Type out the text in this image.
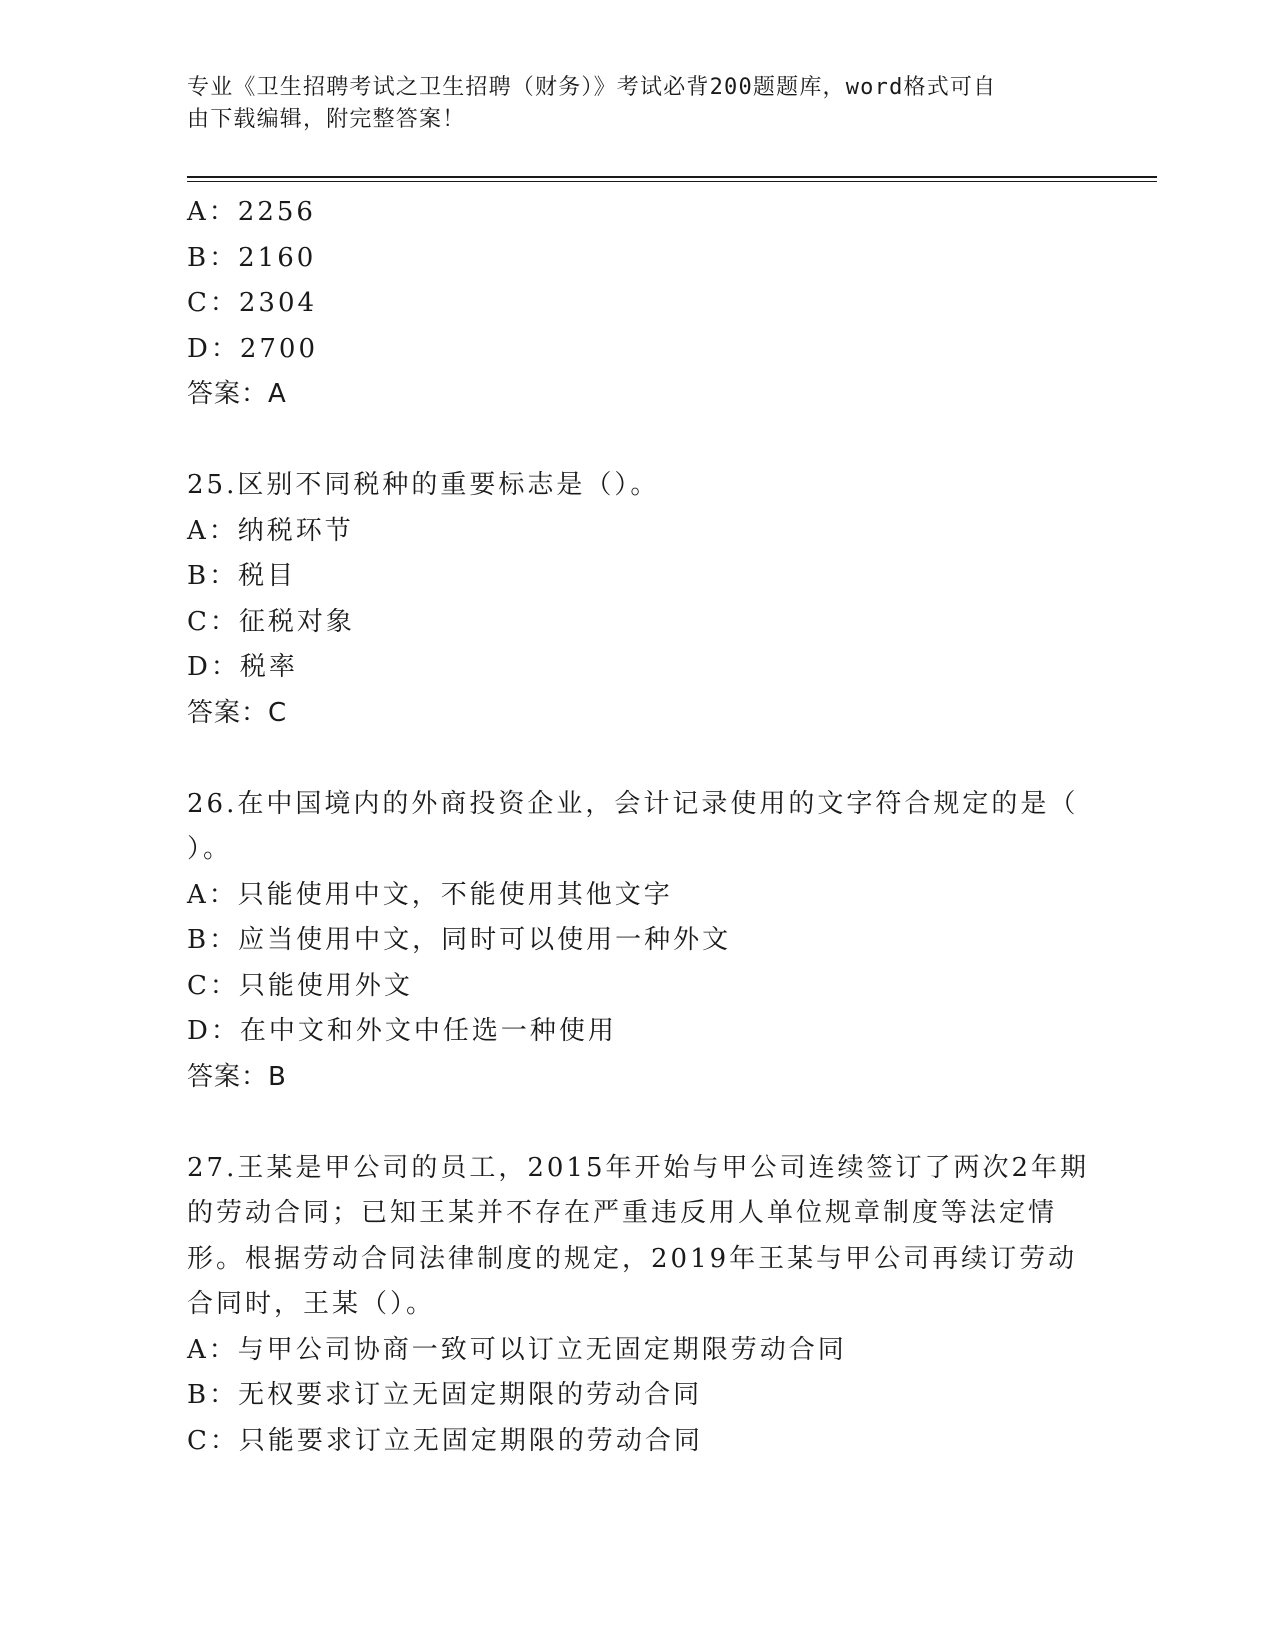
专业《卫生招聘考试之卫生招聘（财务）》考试必背200题题库，word格式可自
由下载编辑，附完整答案！
A：2256
B：2160
C：2304
D：2700
答案：A
25.区别不同税种的重要标志是（）。
A：纳税环节
B：税目
C：征税对象
D：税率
答案：C
26.在中国境内的外商投资企业，会计记录使用的文字符合规定的是（
）。
A：只能使用中文，不能使用其他文字
B：应当使用中文，同时可以使用一种外文
C：只能使用外文
D：在中文和外文中任选一种使用
答案：B
27.王某是甲公司的员工，2015年开始与甲公司连续签订了两次2年期
的劳动合同；已知王某并不存在严重违反用人单位规章制度等法定情
形。根据劳动合同法律制度的规定，2019年王某与甲公司再续订劳动
合同时，王某（）。
A：与甲公司协商一致可以订立无固定期限劳动合同
B：无权要求订立无固定期限的劳动合同
C：只能要求订立无固定期限的劳动合同
